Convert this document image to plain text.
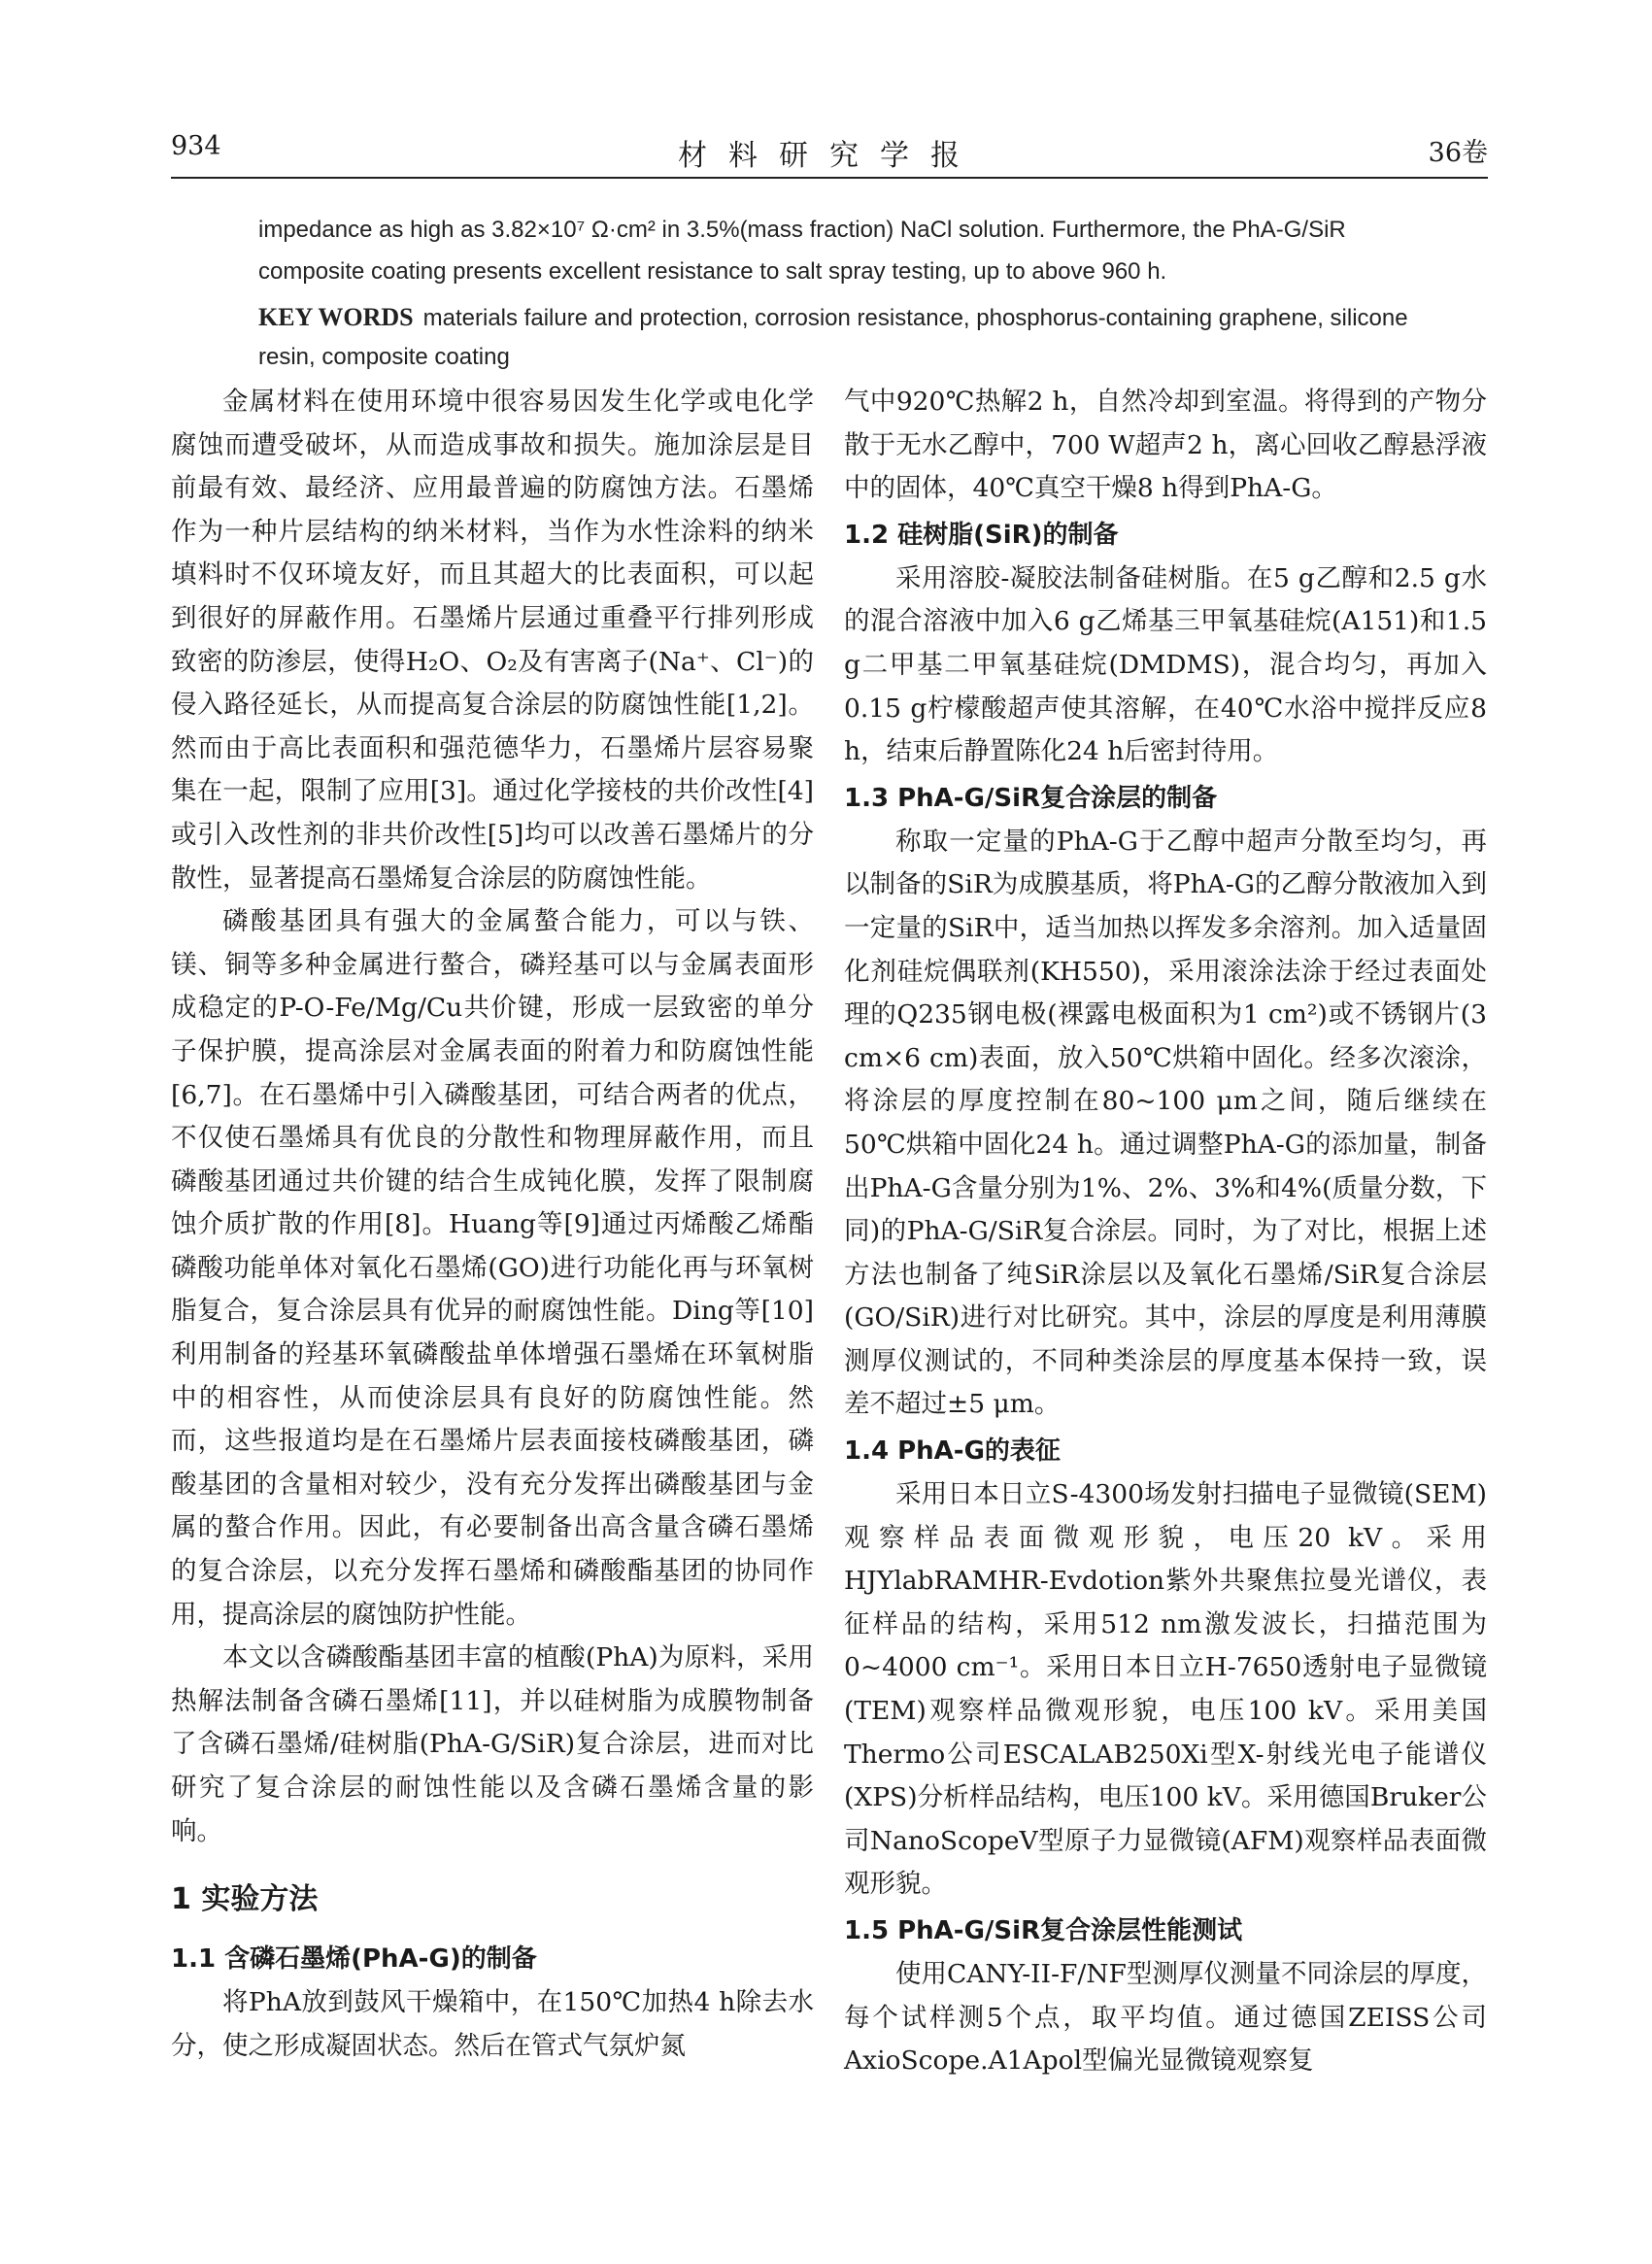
934	材料研究学报	36卷

impedance as high as 3.82×10⁷ Ω·cm² in 3.5%(mass fraction) NaCl solution. Furthermore, the PhA-G/SiR composite coating presents excellent resistance to salt spray testing, up to above 960 h.

KEY WORDS materials failure and protection, corrosion resistance, phosphorus-containing graphene, silicone resin, composite coating

金属材料在使用环境中很容易因发生化学或电化学腐蚀而遭受破坏，从而造成事故和损失。施加涂层是目前最有效、最经济、应用最普遍的防腐蚀方法。石墨烯作为一种片层结构的纳米材料，当作为水性涂料的纳米填料时不仅环境友好，而且其超大的比表面积，可以起到很好的屏蔽作用。石墨烯片层通过重叠平行排列形成致密的防渗层，使得H₂O、O₂及有害离子(Na⁺、Cl⁻)的侵入路径延长，从而提高复合涂层的防腐蚀性能[1,2]。然而由于高比表面积和强范德华力，石墨烯片层容易聚集在一起，限制了应用[3]。通过化学接枝的共价改性[4]或引入改性剂的非共价改性[5]均可以改善石墨烯片的分散性，显著提高石墨烯复合涂层的防腐蚀性能。

磷酸基团具有强大的金属螯合能力，可以与铁、镁、铜等多种金属进行螯合，磷羟基可以与金属表面形成稳定的P-O-Fe/Mg/Cu共价键，形成一层致密的单分子保护膜，提高涂层对金属表面的附着力和防腐蚀性能[6,7]。在石墨烯中引入磷酸基团，可结合两者的优点，不仅使石墨烯具有优良的分散性和物理屏蔽作用，而且磷酸基团通过共价键的结合生成钝化膜，发挥了限制腐蚀介质扩散的作用[8]。Huang等[9]通过丙烯酸乙烯酯磷酸功能单体对氧化石墨烯(GO)进行功能化再与环氧树脂复合，复合涂层具有优异的耐腐蚀性能。Ding等[10]利用制备的羟基环氧磷酸盐单体增强石墨烯在环氧树脂中的相容性，从而使涂层具有良好的防腐蚀性能。然而，这些报道均是在石墨烯片层表面接枝磷酸基团，磷酸基团的含量相对较少，没有充分发挥出磷酸基团与金属的螯合作用。因此，有必要制备出高含量含磷石墨烯的复合涂层，以充分发挥石墨烯和磷酸酯基团的协同作用，提高涂层的腐蚀防护性能。

本文以含磷酸酯基团丰富的植酸(PhA)为原料，采用热解法制备含磷石墨烯[11]，并以硅树脂为成膜物制备了含磷石墨烯/硅树脂(PhA-G/SiR)复合涂层，进而对比研究了复合涂层的耐蚀性能以及含磷石墨烯含量的影响。

1 实验方法
1.1 含磷石墨烯(PhA-G)的制备

将PhA放到鼓风干燥箱中，在150℃加热4 h除去水分，使之形成凝固状态。然后在管式气氛炉氮

气中920℃热解2 h，自然冷却到室温。将得到的产物分散于无水乙醇中，700 W超声2 h，离心回收乙醇悬浮液中的固体，40℃真空干燥8 h得到PhA-G。

1.2 硅树脂(SiR)的制备

采用溶胶-凝胶法制备硅树脂。在5 g乙醇和2.5 g水的混合溶液中加入6 g乙烯基三甲氧基硅烷(A151)和1.5 g二甲基二甲氧基硅烷(DMDMS)，混合均匀，再加入0.15 g柠檬酸超声使其溶解，在40℃水浴中搅拌反应8 h，结束后静置陈化24 h后密封待用。

1.3 PhA-G/SiR复合涂层的制备

称取一定量的PhA-G于乙醇中超声分散至均匀，再以制备的SiR为成膜基质，将PhA-G的乙醇分散液加入到一定量的SiR中，适当加热以挥发多余溶剂。加入适量固化剂硅烷偶联剂(KH550)，采用滚涂法涂于经过表面处理的Q235钢电极(裸露电极面积为1 cm²)或不锈钢片(3 cm×6 cm)表面，放入50℃烘箱中固化。经多次滚涂，将涂层的厚度控制在80~100 μm之间，随后继续在50℃烘箱中固化24 h。通过调整PhA-G的添加量，制备出PhA-G含量分别为1%、2%、3%和4%(质量分数，下同)的PhA-G/SiR复合涂层。同时，为了对比，根据上述方法也制备了纯SiR涂层以及氧化石墨烯/SiR复合涂层(GO/SiR)进行对比研究。其中，涂层的厚度是利用薄膜测厚仪测试的，不同种类涂层的厚度基本保持一致，误差不超过±5 μm。

1.4 PhA-G的表征

采用日本日立S-4300场发射扫描电子显微镜(SEM)观察样品表面微观形貌，电压20 kV。采用HJYlabRAMHR-Evdotion紫外共聚焦拉曼光谱仪，表征样品的结构，采用512 nm激发波长，扫描范围为0~4000 cm⁻¹。采用日本日立H-7650透射电子显微镜(TEM)观察样品微观形貌，电压100 kV。采用美国Thermo公司ESCALAB250Xi型X-射线光电子能谱仪(XPS)分析样品结构，电压100 kV。采用德国Bruker公司NanoScopeV型原子力显微镜(AFM)观察样品表面微观形貌。

1.5 PhA-G/SiR复合涂层性能测试

使用CANY-II-F/NF型测厚仪测量不同涂层的厚度，每个试样测5个点，取平均值。通过德国ZEISS公司AxioScope.A1Apol型偏光显微镜观察复
